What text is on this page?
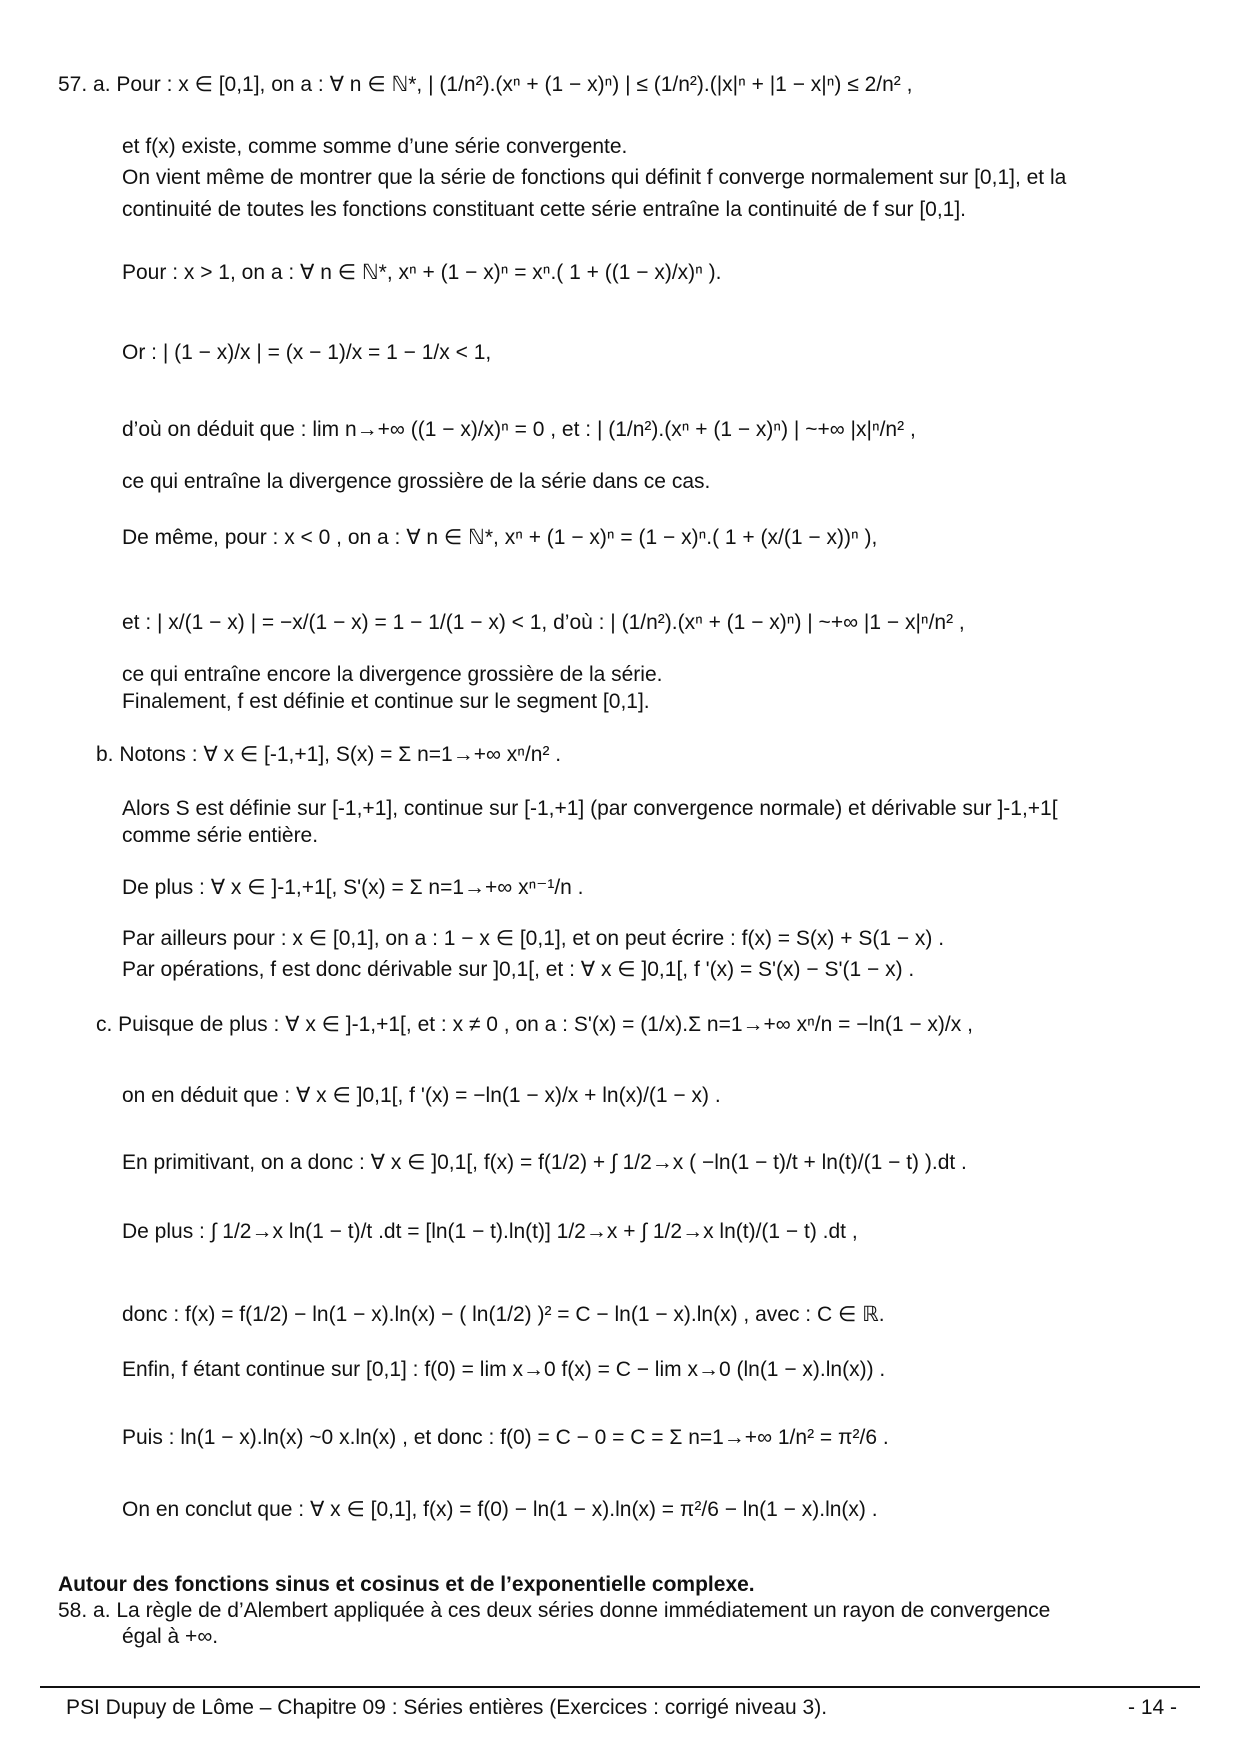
57. a. Pour : x ∈ [0,1], on a : ∀ n ∈ ℕ*, | (1/n²).(xⁿ + (1 − x)ⁿ) | ≤ (1/n²).(|x|ⁿ + |1 − x|ⁿ) ≤ 2/n² ,
et f(x) existe, comme somme d’une série convergente.
On vient même de montrer que la série de fonctions qui définit f converge normalement sur [0,1], et la
continuité de toutes les fonctions constituant cette série entraîne la continuité de f sur [0,1].
Pour : x > 1, on a : ∀ n ∈ ℕ*, xⁿ + (1 − x)ⁿ = xⁿ.( 1 + ((1 − x)/x)ⁿ ).
Or : | (1 − x)/x | = (x − 1)/x = 1 − 1/x < 1,
d’où on déduit que : lim n→+∞ ((1 − x)/x)ⁿ = 0 , et : | (1/n²).(xⁿ + (1 − x)ⁿ) | ~+∞ |x|ⁿ/n² ,
ce qui entraîne la divergence grossière de la série dans ce cas.
De même, pour : x < 0 , on a : ∀ n ∈ ℕ*, xⁿ + (1 − x)ⁿ = (1 − x)ⁿ.( 1 + (x/(1 − x))ⁿ ),
et : | x/(1 − x) | = −x/(1 − x) = 1 − 1/(1 − x) < 1, d’où : | (1/n²).(xⁿ + (1 − x)ⁿ) | ~+∞ |1 − x|ⁿ/n² ,
ce qui entraîne encore la divergence grossière de la série.
Finalement, f est définie et continue sur le segment [0,1].
b. Notons : ∀ x ∈ [-1,+1], S(x) = Σ n=1→+∞ xⁿ/n² .
Alors S est définie sur [-1,+1], continue sur [-1,+1] (par convergence normale) et dérivable sur ]-1,+1[
comme série entière.
De plus : ∀ x ∈ ]-1,+1[, S'(x) = Σ n=1→+∞ xⁿ⁻¹/n .
Par ailleurs pour : x ∈ [0,1], on a : 1 − x ∈ [0,1], et on peut écrire : f(x) = S(x) + S(1 − x) .
Par opérations, f est donc dérivable sur ]0,1[, et : ∀ x ∈ ]0,1[, f '(x) = S'(x) − S'(1 − x) .
c. Puisque de plus : ∀ x ∈ ]-1,+1[, et : x ≠ 0 , on a : S'(x) = (1/x).Σ n=1→+∞ xⁿ/n = −ln(1 − x)/x ,
on en déduit que : ∀ x ∈ ]0,1[, f '(x) = −ln(1 − x)/x + ln(x)/(1 − x) .
En primitivant, on a donc : ∀ x ∈ ]0,1[, f(x) = f(1/2) + ∫ 1/2→x ( −ln(1 − t)/t + ln(t)/(1 − t) ).dt .
De plus : ∫ 1/2→x ln(1 − t)/t .dt = [ln(1 − t).ln(t)] 1/2→x + ∫ 1/2→x ln(t)/(1 − t) .dt ,
donc : f(x) = f(1/2) − ln(1 − x).ln(x) − ( ln(1/2) )² = C − ln(1 − x).ln(x) , avec : C ∈ ℝ.
Enfin, f étant continue sur [0,1] : f(0) = lim x→0 f(x) = C − lim x→0 (ln(1 − x).ln(x)) .
Puis : ln(1 − x).ln(x) ~0 x.ln(x) , et donc : f(0) = C − 0 = C = Σ n=1→+∞ 1/n² = π²/6 .
On en conclut que : ∀ x ∈ [0,1], f(x) = f(0) − ln(1 − x).ln(x) = π²/6 − ln(1 − x).ln(x) .
Autour des fonctions sinus et cosinus et de l’exponentielle complexe.
58. a. La règle de d’Alembert appliquée à ces deux séries donne immédiatement un rayon de convergence
égal à +∞.
PSI Dupuy de Lôme – Chapitre 09 : Séries entières (Exercices : corrigé niveau 3).	- 14 -
